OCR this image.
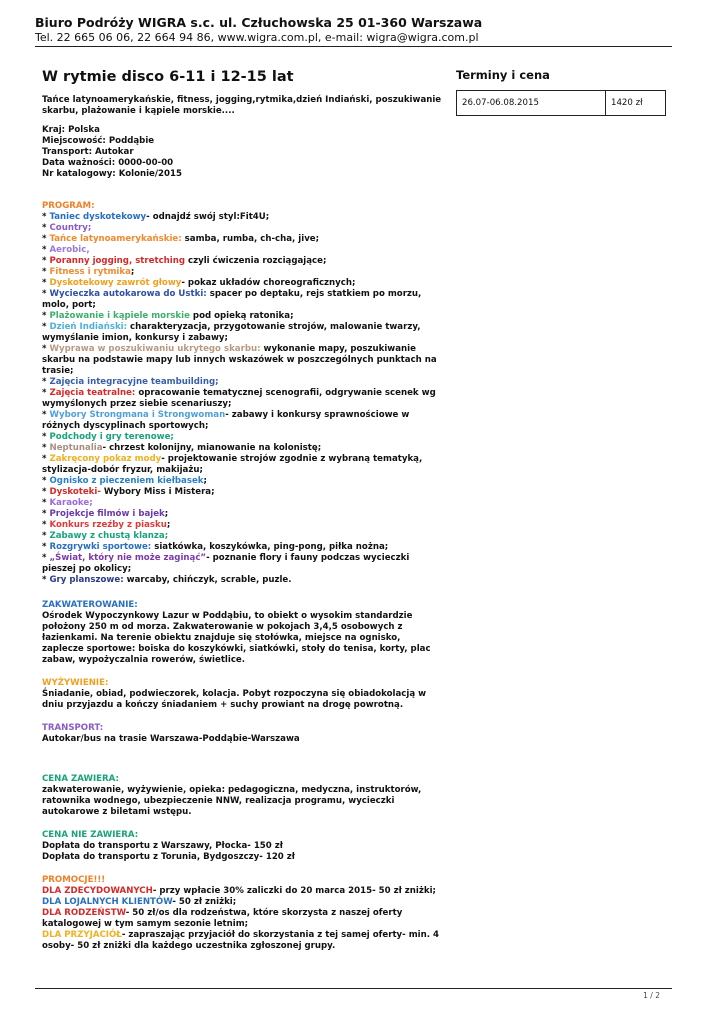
Biuro Podróży WIGRA s.c. ul. Człuchowska 25 01-360 Warszawa
Tel. 22 665 06 06, 22 664 94 86, www.wigra.com.pl, e-mail: wigra@wigra.com.pl
W rytmie disco 6-11 i 12-15 lat

Tańce latynoamerykańskie, fitness, jogging,rytmika,dzień Indiański, poszukiwanie skarbu, plażowanie i kąpiele morskie....

Kraj: Polska
Miejscowość: Poddąbie
Transport: Autokar
Data ważności: 0000-00-00
Nr katalogowy: Kolonie/2015
PROGRAM:
* Taniec dyskotekowy- odnajdź swój styl:Fit4U;
* Country;
* Tańce latynoamerykańskie: samba, rumba, ch-cha, jive;
* Aerobic,
* Poranny jogging, stretching czyli ćwiczenia rozciągające;
* Fitness i rytmika;
* Dyskotekowy zawrót głowy- pokaz układów choreograficznych;
* Wycieczka autokarowa do Ustki: spacer po deptaku, rejs statkiem po morzu, molo, port;
* Plażowanie i kąpiele morskie pod opieką ratonika;
* Dzień Indiański: charakteryzacja, przygotowanie strojów, malowanie twarzy, wymyślanie imion, konkursy i zabawy;
* Wyprawa w poszukiwaniu ukrytego skarbu: wykonanie mapy, poszukiwanie skarbu na podstawie mapy lub innych wskazówek w poszczególnych punktach na trasie;
* Zajęcia integracyjne teambuilding;
* Zajęcia teatralne: opracowanie tematycznej scenografii, odgrywanie scenek wg wymyślonych przez siebie scenariuszy;
* Wybory Strongmana i Strongwoman- zabawy i konkursy sprawnościowe w różnych dyscyplinach sportowych;
* Podchody i gry terenowe;
* Neptunalia- chrzest kolonijny, mianowanie na kolonistę;
* Zakręcony pokaz mody- projektowanie strojów zgodnie z wybraną tematyką, stylizacja-dobór fryzur, makijażu;
* Ognisko z pieczeniem kiełbasek;
* Dyskoteki- Wybory Miss i Mistera;
* Karaoke;
* Projekcje filmów i bajek;
* Konkurs rzeźby z piasku;
* Zabawy z chustą klanza;
* Rozgrywki sportowe: siatkówka, koszykówka, ping-pong, piłka nożna;
* „Świat, który nie może zaginąć”- poznanie flory i fauny podczas wycieczki pieszej po okolicy;
* Gry planszowe: warcaby, chińczyk, scrable, puzle.
ZAKWATEROWANIE:

Ośrodek Wypoczynkowy Lazur w Poddąbiu, to obiekt o wysokim standardzie położony 250 m od morza. Zakwaterowanie w pokojach 3,4,5 osobowych z łazienkami. Na terenie obiektu znajduje się stołówka, miejsce na ognisko, zaplecze sportowe: boiska do koszykówki, siatkówki, stoły do tenisa, korty, plac zabaw, wypożyczalnia rowerów, świetlice.

WYŻYWIENIE:

Śniadanie, obiad, podwieczorek, kolacja. Pobyt rozpoczyna się obiadokolacją w dniu przyjazdu a kończy śniadaniem + suchy prowiant na drogę powrotną.

TRANSPORT:

Autokar/bus na trasie Warszawa-Poddąbie-Warszawa

CENA ZAWIERA:

zakwaterowanie, wyżywienie, opieka: pedagogiczna, medyczna, instruktorów, ratownika wodnego, ubezpieczenie NNW, realizacja programu, wycieczki autokarowe z biletami wstępu.

CENA NIE ZAWIERA:

Dopłata do transportu z Warszawy, Płocka- 150 zł

Dopłata do transportu z Torunia, Bydgoszczy- 120 zł

PROMOCJE!!!
DLA ZDECYDOWANYCH- przy wpłacie 30% zaliczki do 20 marca 2015- 50 zł zniżki;
DLA LOJALNYCH KLIENTÓW- 50 zł zniżki;
DLA RODZEŃSTW- 50 zł/os dla rodzeństwa, które skorzysta z naszej oferty katalogowej w tym samym sezonie letnim;
DLA PRZYJACIÓŁ- zapraszając przyjaciół do skorzystania z tej samej oferty- min. 4 osoby- 50 zł zniżki dla każdego uczestnika zgłoszonej grupy.
Terminy i cena
26.07-06.08.2015	1420 zł
1 / 2
